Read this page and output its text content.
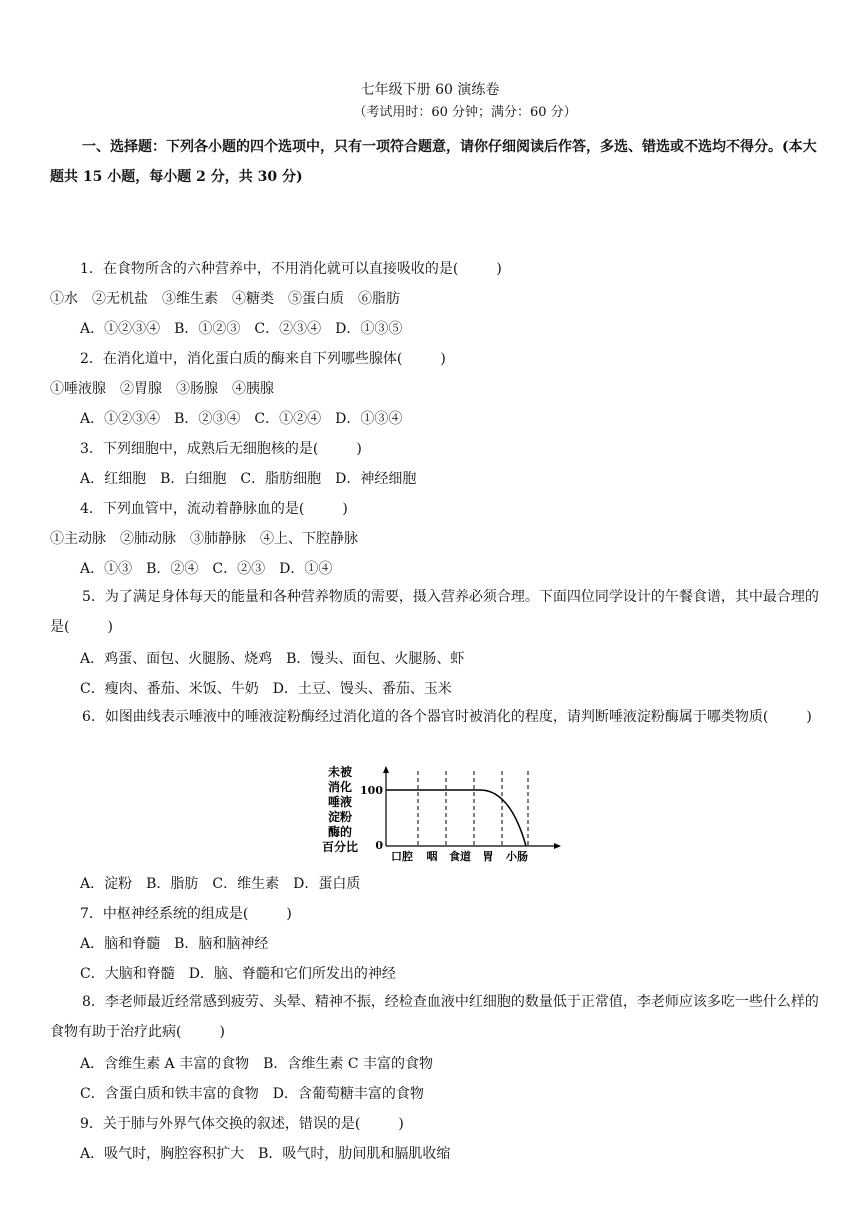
七年级下册 60 演练卷
（考试用时：60 分钟；满分：60 分）
一、选择题：下列各小题的四个选项中，只有一项符合题意，请你仔细阅读后作答，多选、错选或不选均不得分。(本大题共 15 小题，每小题 2 分，共 30 分)
1．在食物所含的六种营养中，不用消化就可以直接吸收的是(	)
①水　②无机盐　③维生素　④糖类　⑤蛋白质　⑥脂肪
A．①②③④　B．①②③　C．②③④　D．①③⑤
2．在消化道中，消化蛋白质的酶来自下列哪些腺体(	)
①唾液腺　②胃腺　③肠腺　④胰腺
A．①②③④　B．②③④　C．①②④　D．①③④
3．下列细胞中，成熟后无细胞核的是(	)
A．红细胞　B．白细胞　C．脂肪细胞　D．神经细胞
4．下列血管中，流动着静脉血的是(	)
①主动脉　②肺动脉　③肺静脉　④上、下腔静脉
A．①③　B．②④　C．②③　D．①④
5．为了满足身体每天的能量和各种营养物质的需要，摄入营养必须合理。下面四位同学设计的午餐食谱，其中最合理的是(	)
A．鸡蛋、面包、火腿肠、烧鸡　B．馒头、面包、火腿肠、虾
C．瘦肉、番茄、米饭、牛奶　D．土豆、馒头、番茄、玉米
6．如图曲线表示唾液中的唾液淀粉酶经过消化道的各个器官时被消化的程度，请判断唾液淀粉酶属于哪类物质(	)
未被
消化
唾液
淀粉
酶的
百分比
100
0
口腔 咽 食道 胃 小肠
A．淀粉　B．脂肪　C．维生素　D．蛋白质
7．中枢神经系统的组成是(	)
A．脑和脊髓　B．脑和脑神经
C．大脑和脊髓　D．脑、脊髓和它们所发出的神经
8．李老师最近经常感到疲劳、头晕、精神不振，经检查血液中红细胞的数量低于正常值，李老师应该多吃一些什么样的食物有助于治疗此病(	)
A．含维生素 A 丰富的食物　B．含维生素 C 丰富的食物
C．含蛋白质和铁丰富的食物　D．含葡萄糖丰富的食物
9．关于肺与外界气体交换的叙述，错误的是(	)
A．吸气时，胸腔容积扩大　B．吸气时，肋间肌和膈肌收缩
